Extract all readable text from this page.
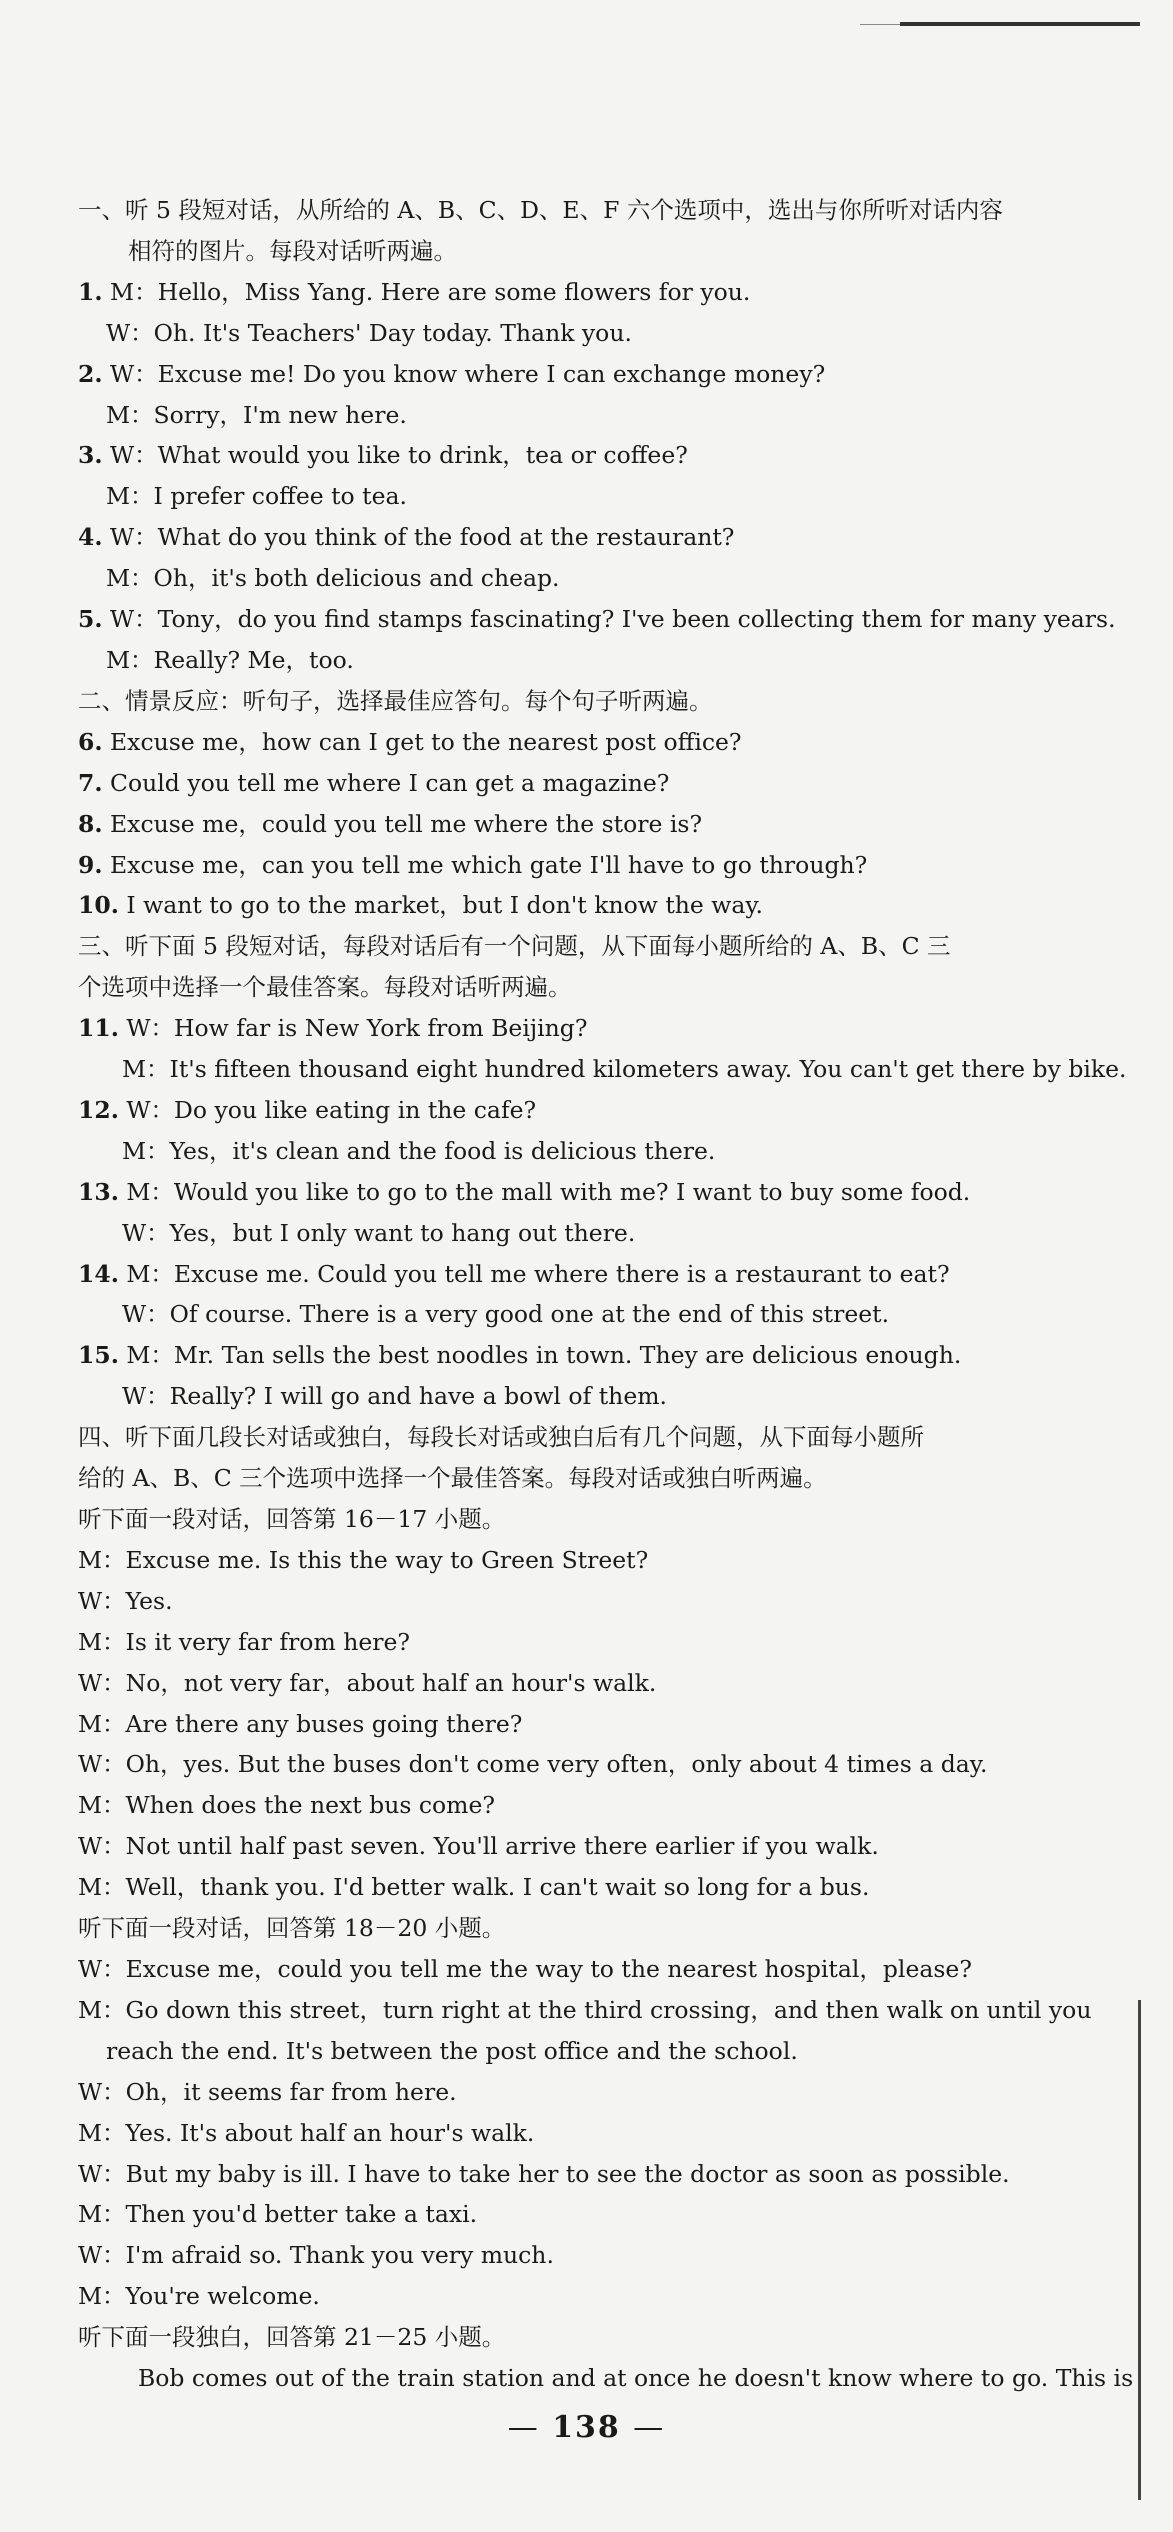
一、听 5 段短对话，从所给的 A、B、C、D、E、F 六个选项中，选出与你所听对话内容
相符的图片。每段对话听两遍。
1. M：Hello，Miss Yang. Here are some flowers for you.
W：Oh. It's Teachers' Day today. Thank you.
2. W：Excuse me! Do you know where I can exchange money?
M：Sorry，I'm new here.
3. W：What would you like to drink，tea or coffee?
M：I prefer coffee to tea.
4. W：What do you think of the food at the restaurant?
M：Oh，it's both delicious and cheap.
5. W：Tony，do you find stamps fascinating? I've been collecting them for many years.
M：Really? Me，too.
二、情景反应：听句子，选择最佳应答句。每个句子听两遍。
6. Excuse me，how can I get to the nearest post office?
7. Could you tell me where I can get a magazine?
8. Excuse me，could you tell me where the store is?
9. Excuse me，can you tell me which gate I'll have to go through?
10. I want to go to the market，but I don't know the way.
三、听下面 5 段短对话，每段对话后有一个问题，从下面每小题所给的 A、B、C 三
个选项中选择一个最佳答案。每段对话听两遍。
11. W：How far is New York from Beijing?
M：It's fifteen thousand eight hundred kilometers away. You can't get there by bike.
12. W：Do you like eating in the cafe?
M：Yes，it's clean and the food is delicious there.
13. M：Would you like to go to the mall with me? I want to buy some food.
W：Yes，but I only want to hang out there.
14. M：Excuse me. Could you tell me where there is a restaurant to eat?
W：Of course. There is a very good one at the end of this street.
15. M：Mr. Tan sells the best noodles in town. They are delicious enough.
W：Really? I will go and have a bowl of them.
四、听下面几段长对话或独白，每段长对话或独白后有几个问题，从下面每小题所
给的 A、B、C 三个选项中选择一个最佳答案。每段对话或独白听两遍。
听下面一段对话，回答第 16－17 小题。
M：Excuse me. Is this the way to Green Street?
W：Yes.
M：Is it very far from here?
W：No，not very far，about half an hour's walk.
M：Are there any buses going there?
W：Oh，yes. But the buses don't come very often，only about 4 times a day.
M：When does the next bus come?
W：Not until half past seven. You'll arrive there earlier if you walk.
M：Well，thank you. I'd better walk. I can't wait so long for a bus.
听下面一段对话，回答第 18－20 小题。
W：Excuse me，could you tell me the way to the nearest hospital，please?
M：Go down this street，turn right at the third crossing，and then walk on until you
reach the end. It's between the post office and the school.
W：Oh，it seems far from here.
M：Yes. It's about half an hour's walk.
W：But my baby is ill. I have to take her to see the doctor as soon as possible.
M：Then you'd better take a taxi.
W：I'm afraid so. Thank you very much.
M：You're welcome.
听下面一段独白，回答第 21－25 小题。
Bob comes out of the train station and at once he doesn't know where to go. This is
— 138 —
